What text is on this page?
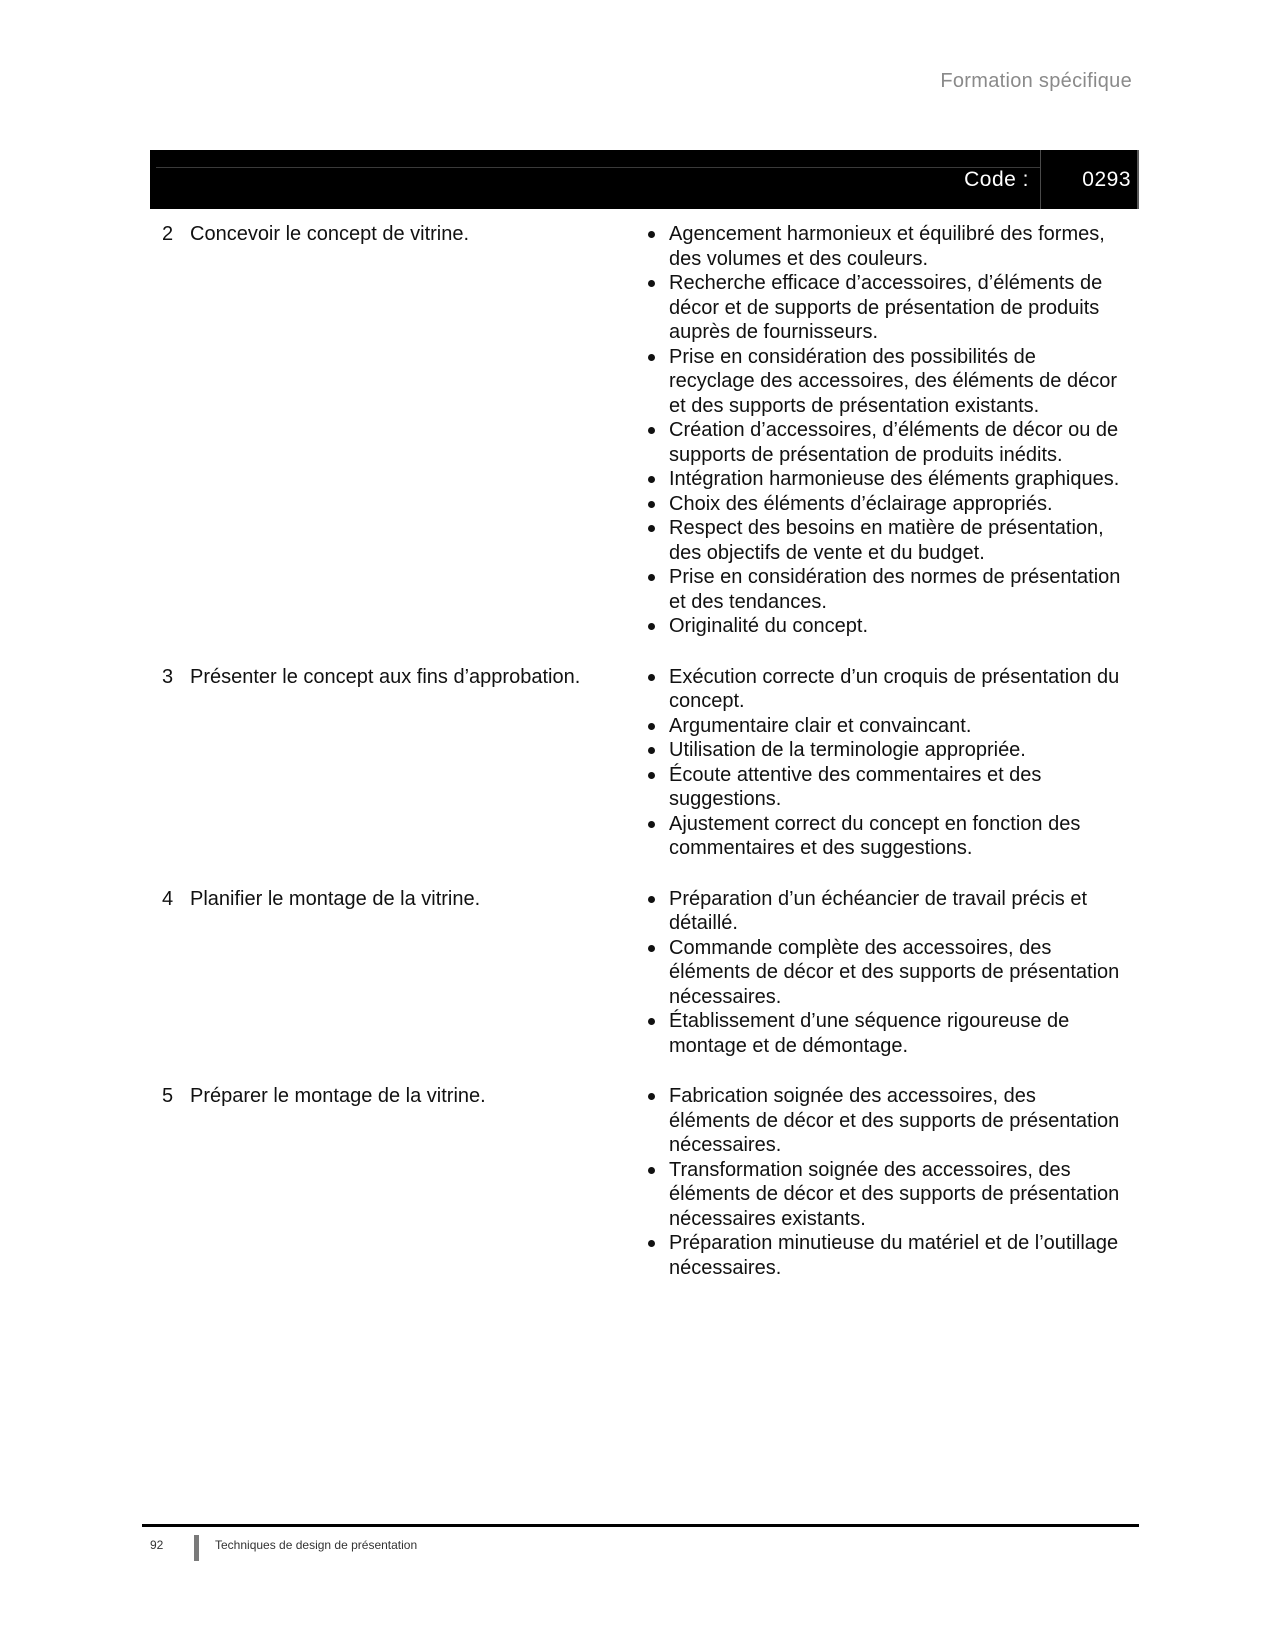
Formation spécifique
Code :	0293
2 Concevoir le concept de vitrine.	Agencement harmonieux et équilibré des formes, des volumes et des couleurs.
Recherche efficace d’accessoires, d’éléments de décor et de supports de présentation de produits auprès de fournisseurs.
Prise en considération des possibilités de recyclage des accessoires, des éléments de décor et des supports de présentation existants.
Création d’accessoires, d’éléments de décor ou de supports de présentation de produits inédits.
Intégration harmonieuse des éléments graphiques.
Choix des éléments d’éclairage appropriés.
Respect des besoins en matière de présentation, des objectifs de vente et du budget.
Prise en considération des normes de présentation et des tendances.
Originalité du concept.
3 Présenter le concept aux fins d’approbation.	Exécution correcte d’un croquis de présentation du concept.
Argumentaire clair et convaincant.
Utilisation de la terminologie appropriée.
Écoute attentive des commentaires et des suggestions.
Ajustement correct du concept en fonction des commentaires et des suggestions.
4 Planifier le montage de la vitrine.	Préparation d’un échéancier de travail précis et détaillé.
Commande complète des accessoires, des éléments de décor et des supports de présentation nécessaires.
Établissement d’une séquence rigoureuse de montage et de démontage.
5 Préparer le montage de la vitrine.	Fabrication soignée des accessoires, des éléments de décor et des supports de présentation nécessaires.
Transformation soignée des accessoires, des éléments de décor et des supports de présentation nécessaires existants.
Préparation minutieuse du matériel et de l’outillage nécessaires.
92	Techniques de design de présentation
